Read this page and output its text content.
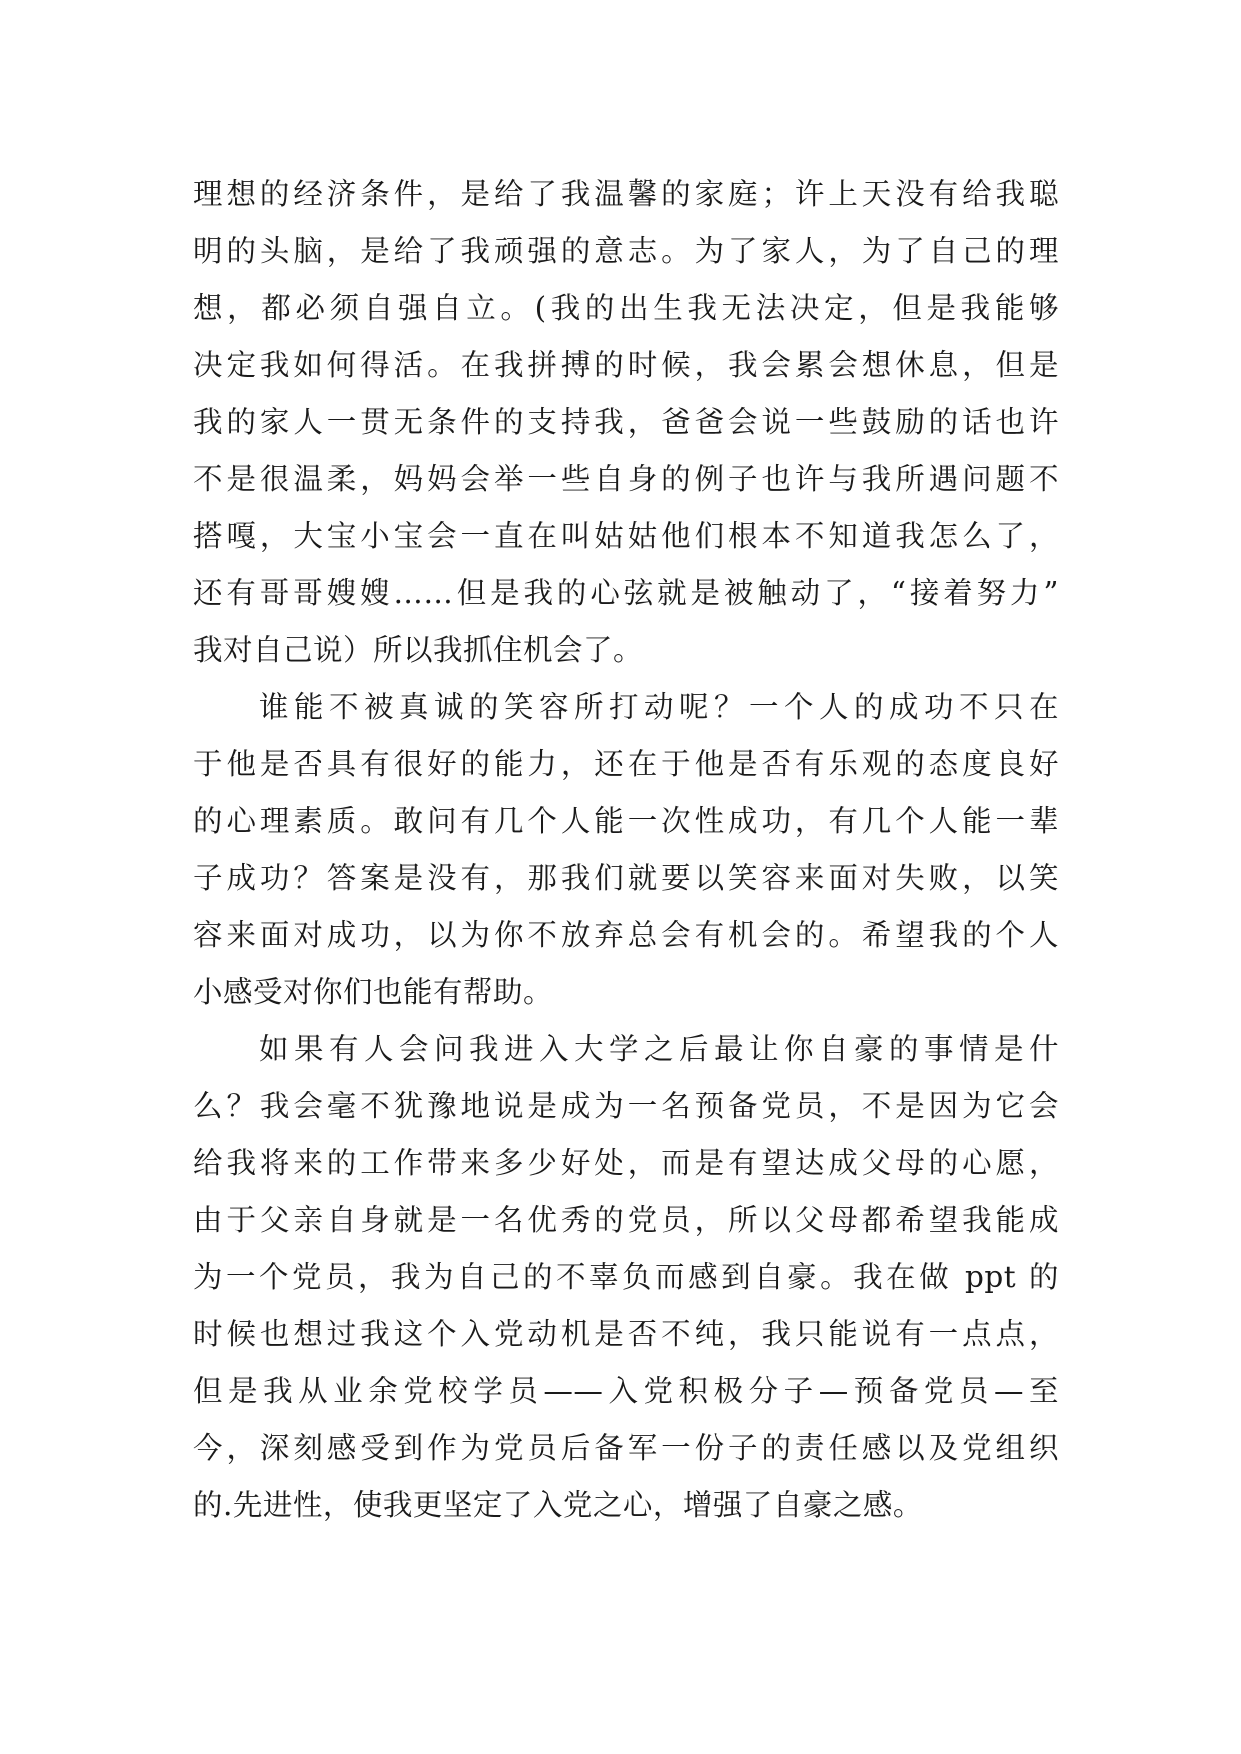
理想的经济条件，是给了我温馨的家庭；许上天没有给我聪
明的头脑，是给了我顽强的意志。为了家人，为了自己的理
想，都必须自强自立。(我的出生我无法决定，但是我能够
决定我如何得活。在我拼搏的时候，我会累会想休息，但是
我的家人一贯无条件的支持我，爸爸会说一些鼓励的话也许
不是很温柔，妈妈会举一些自身的例子也许与我所遇问题不
搭嘎，大宝小宝会一直在叫姑姑他们根本不知道我怎么了，
还有哥哥嫂嫂……但是我的心弦就是被触动了，“接着努力”
我对自己说）所以我抓住机会了。
谁能不被真诚的笑容所打动呢？一个人的成功不只在
于他是否具有很好的能力，还在于他是否有乐观的态度良好
的心理素质。敢问有几个人能一次性成功，有几个人能一辈
子成功？答案是没有，那我们就要以笑容来面对失败，以笑
容来面对成功，以为你不放弃总会有机会的。希望我的个人
小感受对你们也能有帮助。
如果有人会问我进入大学之后最让你自豪的事情是什
么？我会毫不犹豫地说是成为一名预备党员，不是因为它会
给我将来的工作带来多少好处，而是有望达成父母的心愿，
由于父亲自身就是一名优秀的党员，所以父母都希望我能成
为一个党员，我为自己的不辜负而感到自豪。我在做 ppt 的
时候也想过我这个入党动机是否不纯，我只能说有一点点，
但是我从业余党校学员——入党积极分子—预备党员—至
今，深刻感受到作为党员后备军一份子的责任感以及党组织
的.先进性，使我更坚定了入党之心，增强了自豪之感。
